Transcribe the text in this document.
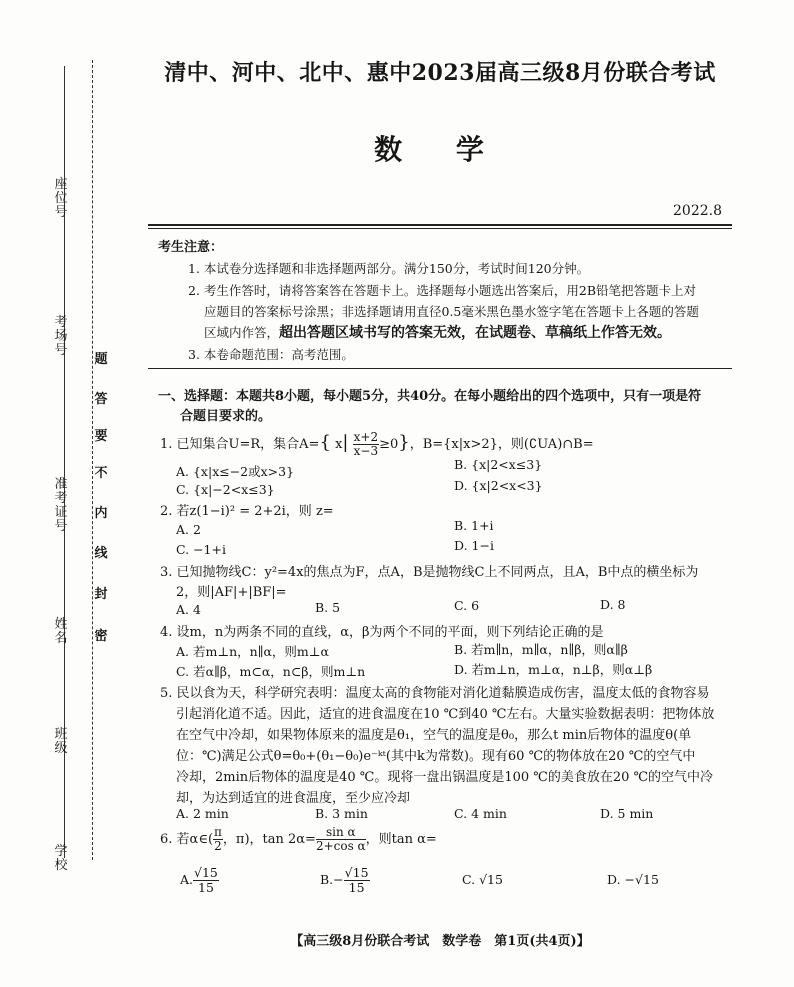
座位号
考场号
准考证号
姓名
班级
学校
密
封
线
内
不
要
答
题
清中、河中、北中、惠中2023届高三级8月份联合考试
数 学
2022.8
考生注意：
1. 本试卷分选择题和非选择题两部分。满分150分，考试时间120分钟。
2. 考生作答时，请将答案答在答题卡上。选择题每小题选出答案后，用2B铅笔把答题卡上对
应题目的答案标号涂黑；非选择题请用直径0.5毫米黑色墨水签字笔在答题卡上各题的答题
区域内作答，超出答题区域书写的答案无效，在试题卷、草稿纸上作答无效。
3. 本卷命题范围：高考范围。
一、选择题：本题共8小题，每小题5分，共40分。在每小题给出的四个选项中，只有一项是符
合题目要求的。
1. 已知集合U=R，集合A={ $x| \frac{x+2}{x-3} \ge 0$}，B={x|x>2}，则(∁UA)∩B=
A. {x|x≤−2或x>3}	B. {x|2<x≤3}
C. {x|−2<x≤3}	D. {x|2<x<3}
2. 若z(1−i)² = 2+2i，则 z=
A. 2	B. 1+i
C. −1+i	D. 1−i
3. 已知抛物线C：y²=4x的焦点为F，点A，B是抛物线C上不同两点，且A，B中点的横坐标为
2，则|AF|+|BF|=
A. 4	B. 5	C. 6	D. 8
4. 设m，n为两条不同的直线，α，β为两个不同的平面，则下列结论正确的是
A. 若m⊥n，n∥α，则m⊥α	B. 若m∥n，m∥α，n∥β，则α∥β
C. 若α∥β，m⊂α，n⊂β，则m⊥n	D. 若m⊥n，m⊥α，n⊥β，则α⊥β
5. 民以食为天，科学研究表明：温度太高的食物能对消化道黏膜造成伤害，温度太低的食物容易
引起消化道不适。因此，适宜的进食温度在10 ℃到40 ℃左右。大量实验数据表明：把物体放
在空气中冷却，如果物体原来的温度是θ₁，空气的温度是θ₀，那么t min后物体的温度θ(单
位：℃)满足公式θ=θ₀+(θ₁−θ₀)e⁻ᵏᵗ(其中k为常数)。现有60 ℃的物体放在20 ℃的空气中
冷却，2min后物体的温度是40 ℃。现将一盘出锅温度是100 ℃的美食放在20 ℃的空气中冷
却，为达到适宜的进食温度，至少应冷却
A. 2 min	B. 3 min	C. 4 min	D. 5 min
6. 若α∈( $\frac{\pi}{2}$ ，π)，$\tan 2\alpha= \frac{\text{sin α}}{\text{2+cos α}}$ ，则tan α=
A. $\frac{√15}{15}$	$B.- \frac{√15}{15}$	C. √15	D. −√15
【高三级8月份联合考试　数学卷　第1页(共4页)】
